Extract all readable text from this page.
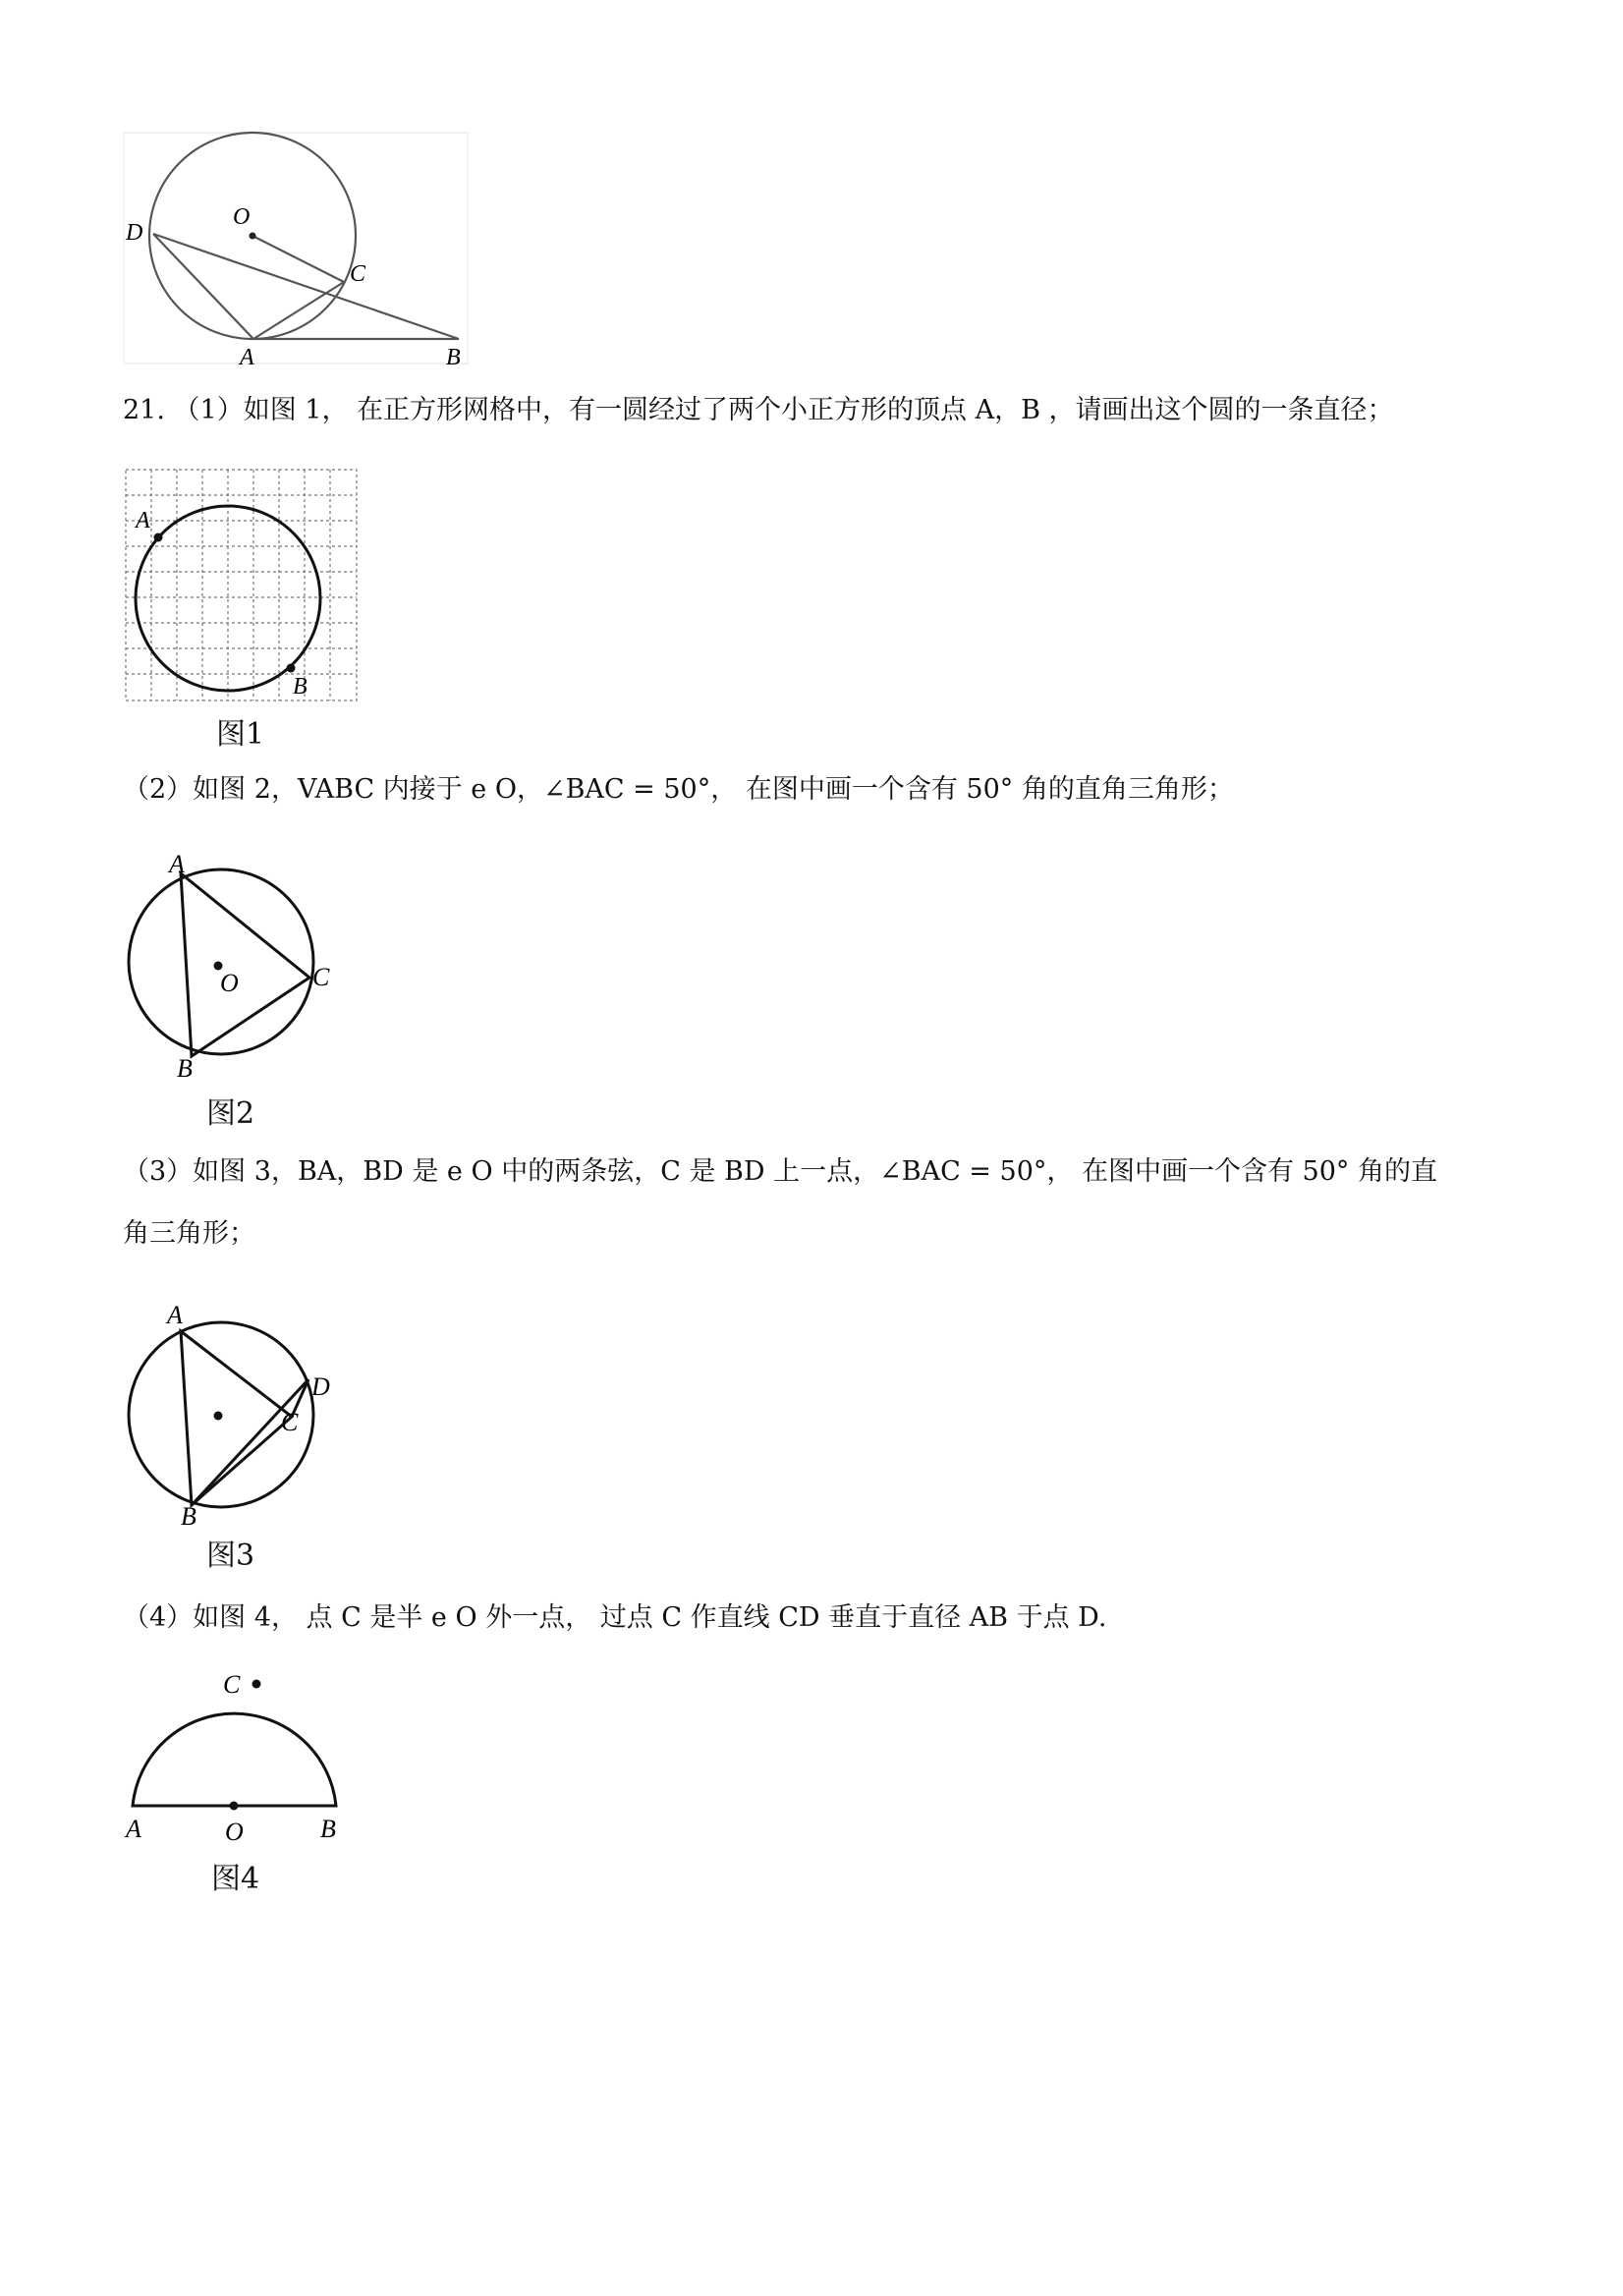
D
O
C
A	B
21. （1）如图 1， 在正方形网格中，有一圆经过了两个小正方形的顶点 A，B ，请画出这个圆的一条直径；
A
B
图1
（2）如图 2，VABC 内接于 e O，∠BAC = 50°， 在图中画一个含有 50° 角的直角三角形；
A
O	C
B
图2
（3）如图 3，BA，BD 是 e O 中的两条弦，C 是 BD 上一点，∠BAC = 50°， 在图中画一个含有 50° 角的直
角三角形；
A
D
C
B
图3
（4）如图 4， 点 C 是半 e O 外一点， 过点 C 作直线 CD 垂直于直径 AB 于点 D.
C
A	O	B
图4
